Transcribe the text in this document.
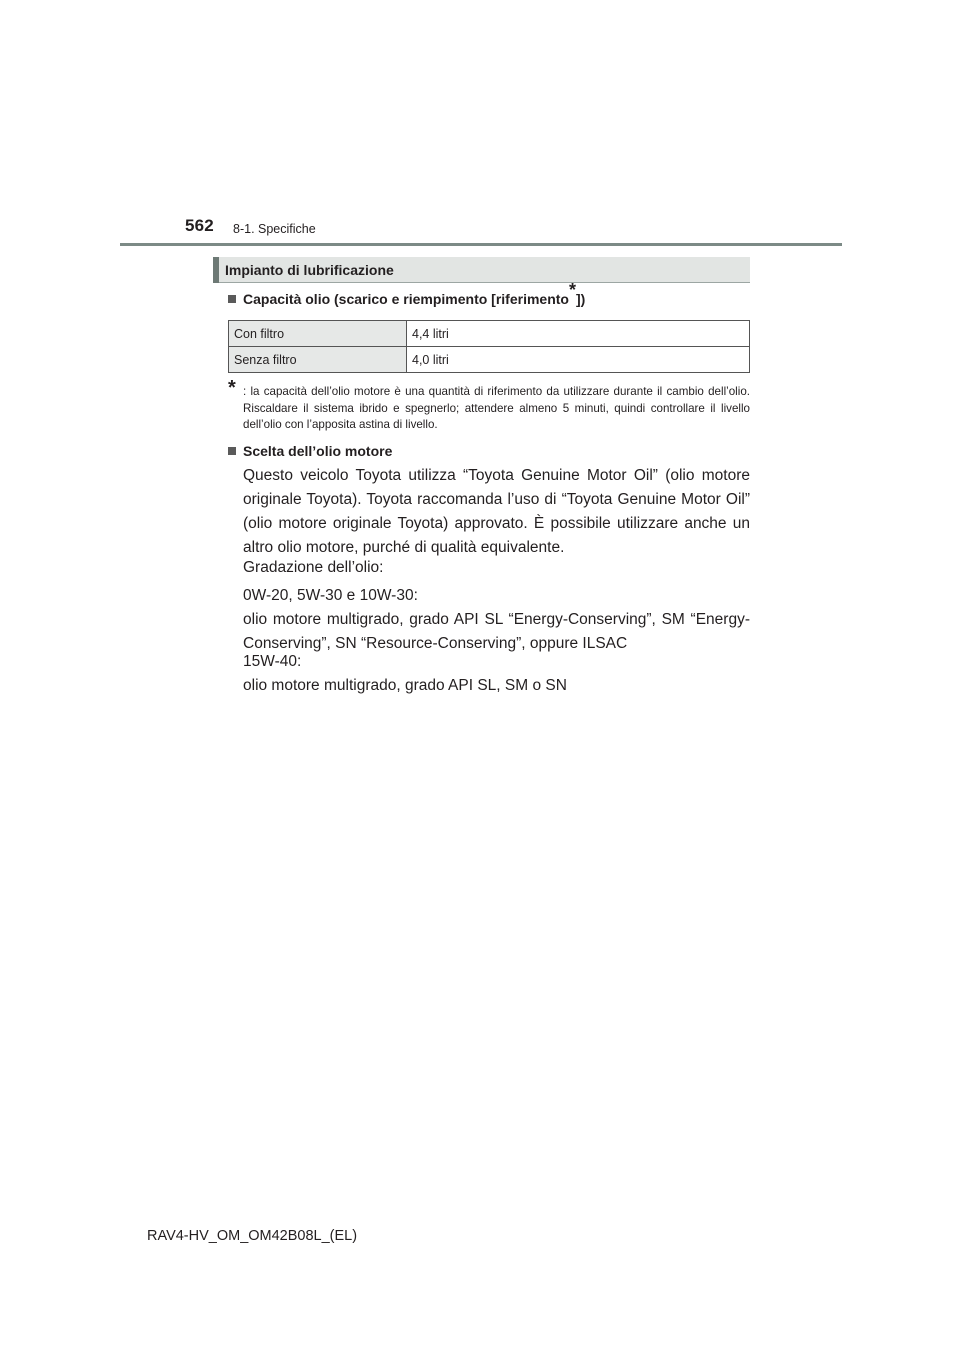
562 8-1. Specifiche
Impianto di lubrificazione
Capacità olio (scarico e riempimento [riferimento*])
Con filtro	4,4 litri
Senza filtro	4,0 litri
* : la capacità dell’olio motore è una quantità di riferimento da utilizzare durante il cambio dell’olio. Riscaldare il sistema ibrido e spegnerlo; attendere almeno 5 minuti, quindi controllare il livello dell’olio con l’apposita astina di livello.
Scelta dell’olio motore
Questo veicolo Toyota utilizza “Toyota Genuine Motor Oil” (olio motore originale Toyota). Toyota raccomanda l’uso di “Toyota Genuine Motor Oil” (olio motore originale Toyota) approvato. È possibile utilizzare anche un altro olio motore, purché di qualità equivalente.
Gradazione dell’olio:
0W-20, 5W-30 e 10W-30:
olio motore multigrado, grado API SL “Energy-Conserving”, SM “Energy-Conserving”, SN “Resource-Conserving”, oppure ILSAC
15W-40:
olio motore multigrado, grado API SL, SM o SN
RAV4-HV_OM_OM42B08L_(EL)
